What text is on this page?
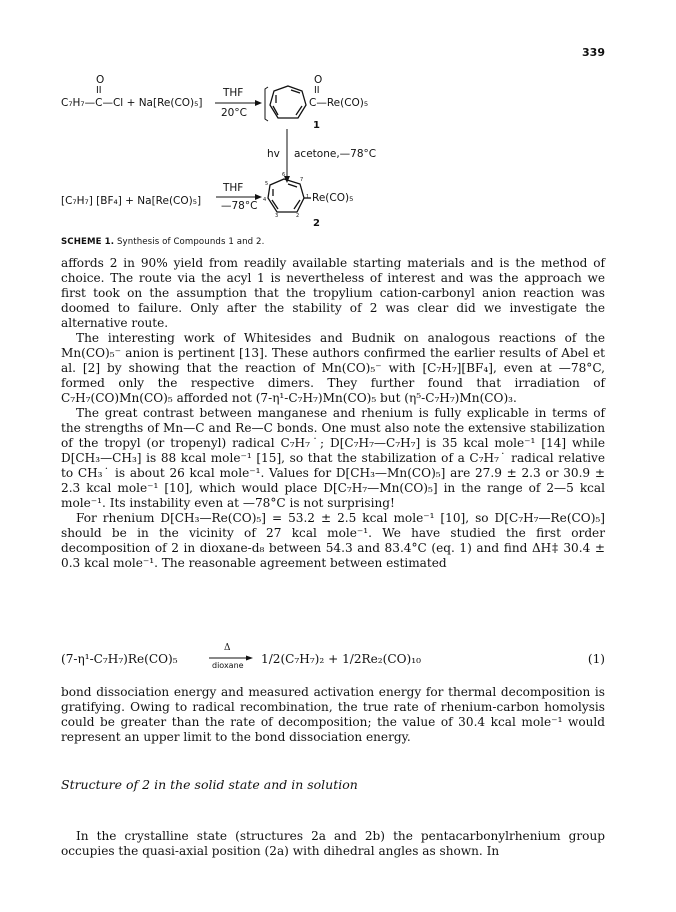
339
O
II
C₇H₇—C—Cl + Na[Re(CO)₅]
THF
20°C
O
II
C—Re(CO)₅
1
hv acetone,—78°C
[C₇H₇] [BF₄] + Na[Re(CO)₅]
THF
—78°C
Re(CO)₅
2
1
2
3
4
5
6
7
SCHEME 1. Synthesis of Compounds 1 and 2.

affords 2 in 90% yield from readily available starting materials and is the method of choice. The route via the acyl 1 is nevertheless of interest and was the approach we first took on the assumption that the tropylium cation-carbonyl anion reaction was doomed to failure. Only after the stability of 2 was clear did we investigate the alternative route.

The interesting work of Whitesides and Budnik on analogous reactions of the Mn(CO)₅⁻ anion is pertinent [13]. These authors confirmed the earlier results of Abel et al. [2] by showing that the reaction of Mn(CO)₅⁻ with [C₇H₇][BF₄], even at —78°C, formed only the respective dimers. They further found that irradiation of C₇H₇(CO)Mn(CO)₅ afforded not (7-η¹-C₇H₇)Mn(CO)₅ but (η⁵-C₇H₇)Mn(CO)₃.

The great contrast between manganese and rhenium is fully explicable in terms of the strengths of Mn—C and Re—C bonds. One must also note the extensive stabilization of the tropyl (or tropenyl) radical C₇H₇˙; D[C₇H₇—C₇H₇] is 35 kcal mole⁻¹ [14] while D[CH₃—CH₃] is 88 kcal mole⁻¹ [15], so that the stabilization of a C₇H₇˙ radical relative to CH₃˙ is about 26 kcal mole⁻¹. Values for D[CH₃—Mn(CO)₅] are 27.9 ± 2.3 or 30.9 ± 2.3 kcal mole⁻¹ [10], which would place D[C₇H₇—Mn(CO)₅] in the range of 2—5 kcal mole⁻¹. Its instability even at —78°C is not surprising!

For rhenium D[CH₃—Re(CO)₅] = 53.2 ± 2.5 kcal mole⁻¹ [10], so D[C₇H₇—Re(CO)₅] should be in the vicinity of 27 kcal mole⁻¹. We have studied the first order decomposition of 2 in dioxane-d₈ between 54.3 and 83.4°C (eq. 1) and find ΔH‡ 30.4 ± 0.3 kcal mole⁻¹. The reasonable agreement between estimated

(7-η¹-C₇H₇)Re(CO)₅
Δ
dioxane 1/2(C₇H₇)₂ + 1/2Re₂(CO)₁₀	(1)

bond dissociation energy and measured activation energy for thermal decomposition is gratifying. Owing to radical recombination, the true rate of rhenium-carbon homolysis could be greater than the rate of decomposition; the value of 30.4 kcal mole⁻¹ would represent an upper limit to the bond dissociation energy.

Structure of 2 in the solid state and in solution

In the crystalline state (structures 2a and 2b) the pentacarbonylrhenium group occupies the quasi-axial position (2a) with dihedral angles as shown. In
